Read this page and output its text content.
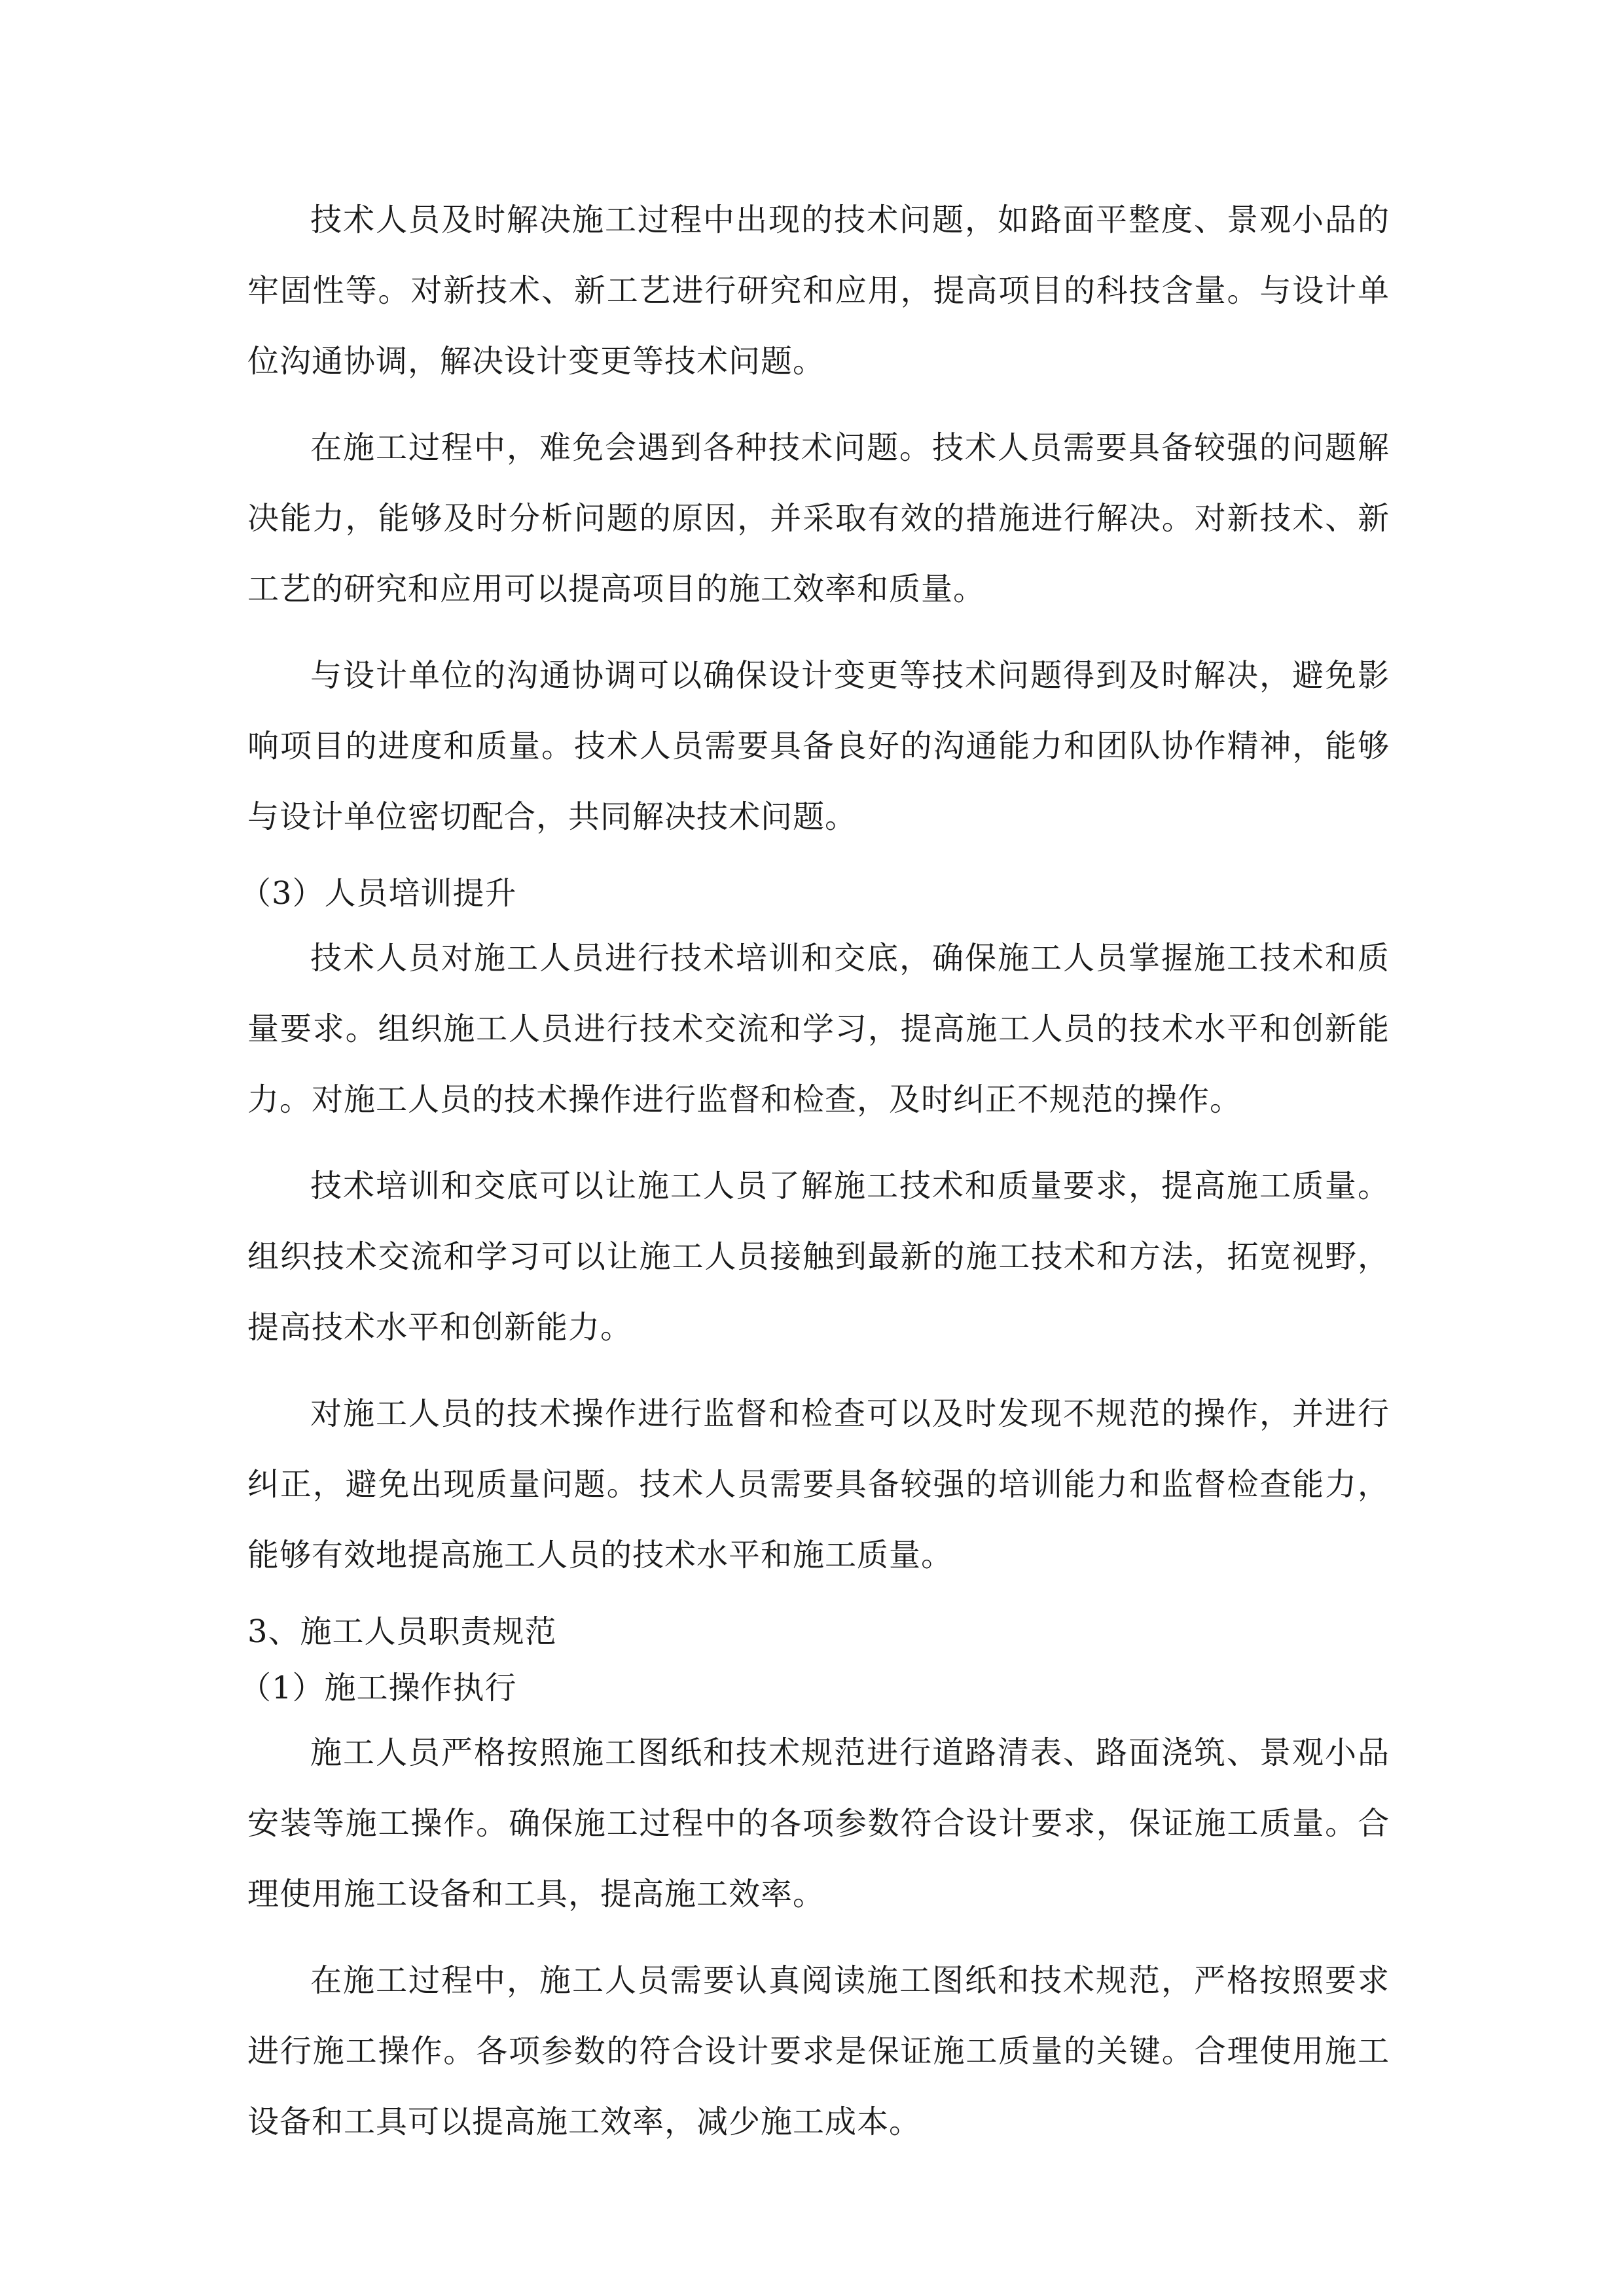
技术人员及时解决施工过程中出现的技术问题，如路面平整度、景观小品的牢固性等。对新技术、新工艺进行研究和应用，提高项目的科技含量。与设计单位沟通协调，解决设计变更等技术问题。

在施工过程中，难免会遇到各种技术问题。技术人员需要具备较强的问题解决能力，能够及时分析问题的原因，并采取有效的措施进行解决。对新技术、新工艺的研究和应用可以提高项目的施工效率和质量。

与设计单位的沟通协调可以确保设计变更等技术问题得到及时解决，避免影响项目的进度和质量。技术人员需要具备良好的沟通能力和团队协作精神，能够与设计单位密切配合，共同解决技术问题。

（3）人员培训提升

技术人员对施工人员进行技术培训和交底，确保施工人员掌握施工技术和质量要求。组织施工人员进行技术交流和学习，提高施工人员的技术水平和创新能力。对施工人员的技术操作进行监督和检查，及时纠正不规范的操作。

技术培训和交底可以让施工人员了解施工技术和质量要求，提高施工质量。组织技术交流和学习可以让施工人员接触到最新的施工技术和方法，拓宽视野，提高技术水平和创新能力。

对施工人员的技术操作进行监督和检查可以及时发现不规范的操作，并进行纠正，避免出现质量问题。技术人员需要具备较强的培训能力和监督检查能力，能够有效地提高施工人员的技术水平和施工质量。

3、施工人员职责规范
（1）施工操作执行

施工人员严格按照施工图纸和技术规范进行道路清表、路面浇筑、景观小品安装等施工操作。确保施工过程中的各项参数符合设计要求，保证施工质量。合理使用施工设备和工具，提高施工效率。

在施工过程中，施工人员需要认真阅读施工图纸和技术规范，严格按照要求进行施工操作。各项参数的符合设计要求是保证施工质量的关键。合理使用施工设备和工具可以提高施工效率，减少施工成本。
